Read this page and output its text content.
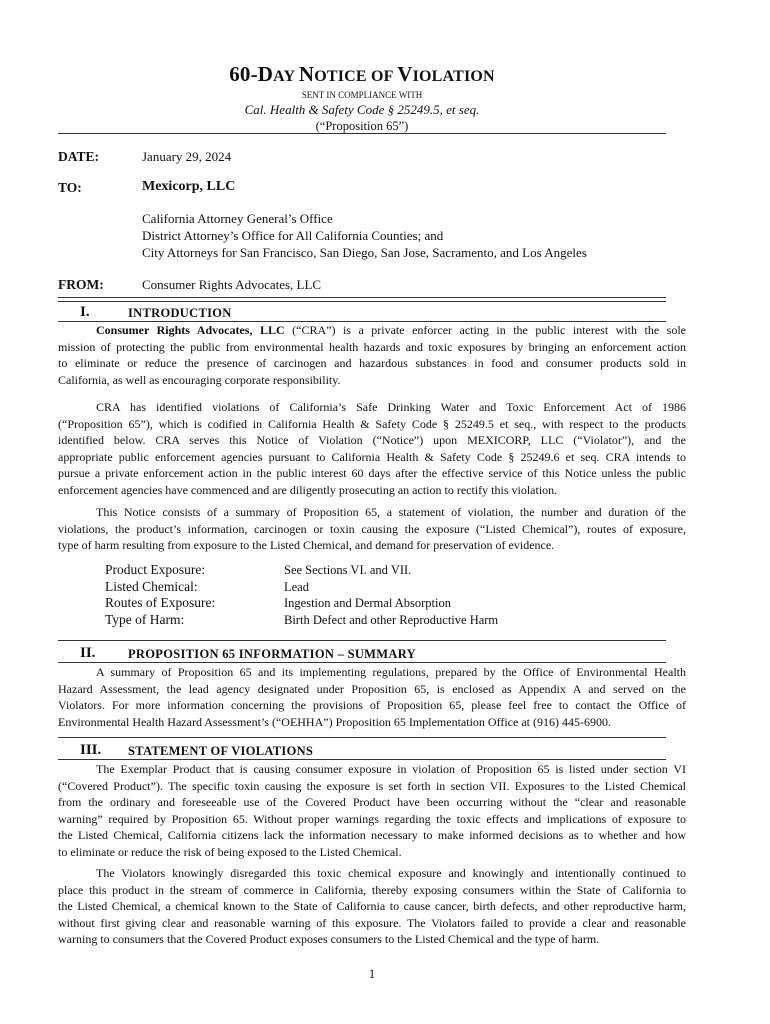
60-DAY NOTICE OF VIOLATION
SENT IN COMPLIANCE WITH
Cal. Health & Safety Code § 25249.5, et seq.
(“Proposition 65”)
DATE:	January 29, 2024
TO:	Mexicorp, LLC
California Attorney General’s Office
District Attorney’s Office for All California Counties; and
City Attorneys for San Francisco, San Diego, San Jose, Sacramento, and Los Angeles
FROM:	Consumer Rights Advocates, LLC
I.	INTRODUCTION
Consumer Rights Advocates, LLC (“CRA”) is a private enforcer acting in the public interest with the sole
mission of protecting the public from environmental health hazards and toxic exposures by bringing an enforcement action
to eliminate or reduce the presence of carcinogen and hazardous substances in food and consumer products sold in
California, as well as encouraging corporate responsibility.
CRA has identified violations of California’s Safe Drinking Water and Toxic Enforcement Act of 1986
(“Proposition 65”), which is codified in California Health & Safety Code § 25249.5 et seq., with respect to the products
identified below. CRA serves this Notice of Violation (“Notice”) upon MEXICORP, LLC (“Violator”), and the
appropriate public enforcement agencies pursuant to California Health & Safety Code § 25249.6 et seq. CRA intends to
pursue a private enforcement action in the public interest 60 days after the effective service of this Notice unless the public
enforcement agencies have commenced and are diligently prosecuting an action to rectify this violation.
This Notice consists of a summary of Proposition 65, a statement of violation, the number and duration of the
violations, the product’s information, carcinogen or toxin causing the exposure (“Listed Chemical”), routes of exposure,
type of harm resulting from exposure to the Listed Chemical, and demand for preservation of evidence.
Product Exposure:	See Sections VI. and VII.
Listed Chemical:	Lead
Routes of Exposure:	Ingestion and Dermal Absorption
Type of Harm:	Birth Defect and other Reproductive Harm
II.	PROPOSITION 65 INFORMATION – SUMMARY
A summary of Proposition 65 and its implementing regulations, prepared by the Office of Environmental Health
Hazard Assessment, the lead agency designated under Proposition 65, is enclosed as Appendix A and served on the
Violators. For more information concerning the provisions of Proposition 65, please feel free to contact the Office of
Environmental Health Hazard Assessment’s (“OEHHA”) Proposition 65 Implementation Office at (916) 445-6900.
III. STATEMENT OF VIOLATIONS
The Exemplar Product that is causing consumer exposure in violation of Proposition 65 is listed under section VI
(“Covered Product”). The specific toxin causing the exposure is set forth in section VII. Exposures to the Listed Chemical
from the ordinary and foreseeable use of the Covered Product have been occurring without the “clear and reasonable
warning” required by Proposition 65. Without proper warnings regarding the toxic effects and implications of exposure to
the Listed Chemical, California citizens lack the information necessary to make informed decisions as to whether and how
to eliminate or reduce the risk of being exposed to the Listed Chemical.
The Violators knowingly disregarded this toxic chemical exposure and knowingly and intentionally continued to
place this product in the stream of commerce in California, thereby exposing consumers within the State of California to
the Listed Chemical, a chemical known to the State of California to cause cancer, birth defects, and other reproductive harm,
without first giving clear and reasonable warning of this exposure. The Violators failed to provide a clear and reasonable
warning to consumers that the Covered Product exposes consumers to the Listed Chemical and the type of harm.
1
